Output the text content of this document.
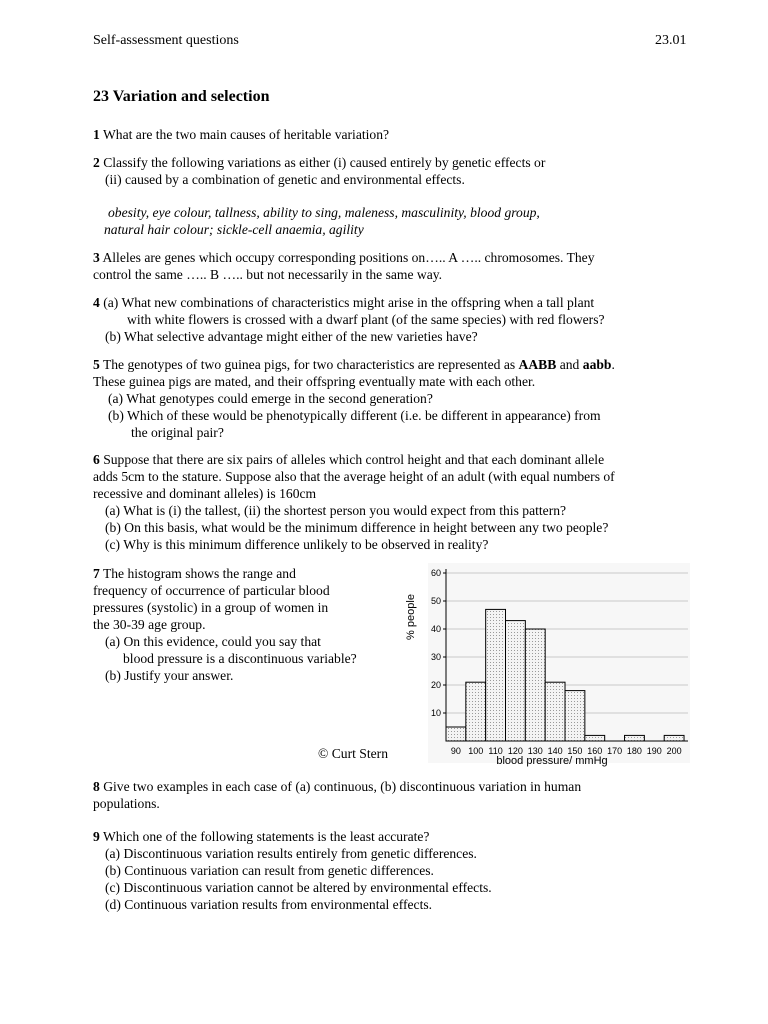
Self-assessment questions	23.01
23 Variation and selection
1 What are the two main causes of heritable variation?
2 Classify the following variations as either (i) caused entirely by genetic effects or
(ii) caused by a combination of genetic and environmental effects.
obesity, eye colour, tallness, ability to sing, maleness, masculinity, blood group,
natural hair colour; sickle-cell anaemia, agility
3 Alleles are genes which occupy corresponding positions on….. A ….. chromosomes. They
control the same ….. B ….. but not necessarily in the same way.
4 (a) What new combinations of characteristics might arise in the offspring when a tall plant
with white flowers is crossed with a dwarf plant (of the same species) with red flowers?
(b) What selective advantage might either of the new varieties have?
5 The genotypes of two guinea pigs, for two characteristics are represented as AABB and aabb.
These guinea pigs are mated, and their offspring eventually mate with each other.
(a) What genotypes could emerge in the second generation?
(b) Which of these would be phenotypically different (i.e. be different in appearance) from
the original pair?
6 Suppose that there are six pairs of alleles which control height and that each dominant allele
adds 5cm to the stature. Suppose also that the average height of an adult (with equal numbers of
recessive and dominant alleles) is 160cm
(a) What is (i) the tallest, (ii) the shortest person you would expect from this pattern?
(b) On this basis, what would be the minimum difference in height between any two people?
(c) Why is this minimum difference unlikely to be observed in reality?
7 The histogram shows the range and
frequency of occurrence of particular blood
pressures (systolic) in a group of women in
the 30-39 age group.
(a) On this evidence, could you say that
blood pressure is a discontinuous variable?
(b) Justify your answer.
© Curt Stern
10
20
30
40
50
60
90 100 110 120 130 140 150 160 170 180 190 200
% people
blood pressure/ mmHg
8 Give two examples in each case of (a) continuous, (b) discontinuous variation in human
populations.
9 Which one of the following statements is the least accurate?
(a) Discontinuous variation results entirely from genetic differences.
(b) Continuous variation can result from genetic differences.
(c) Discontinuous variation cannot be altered by environmental effects.
(d) Continuous variation results from environmental effects.
